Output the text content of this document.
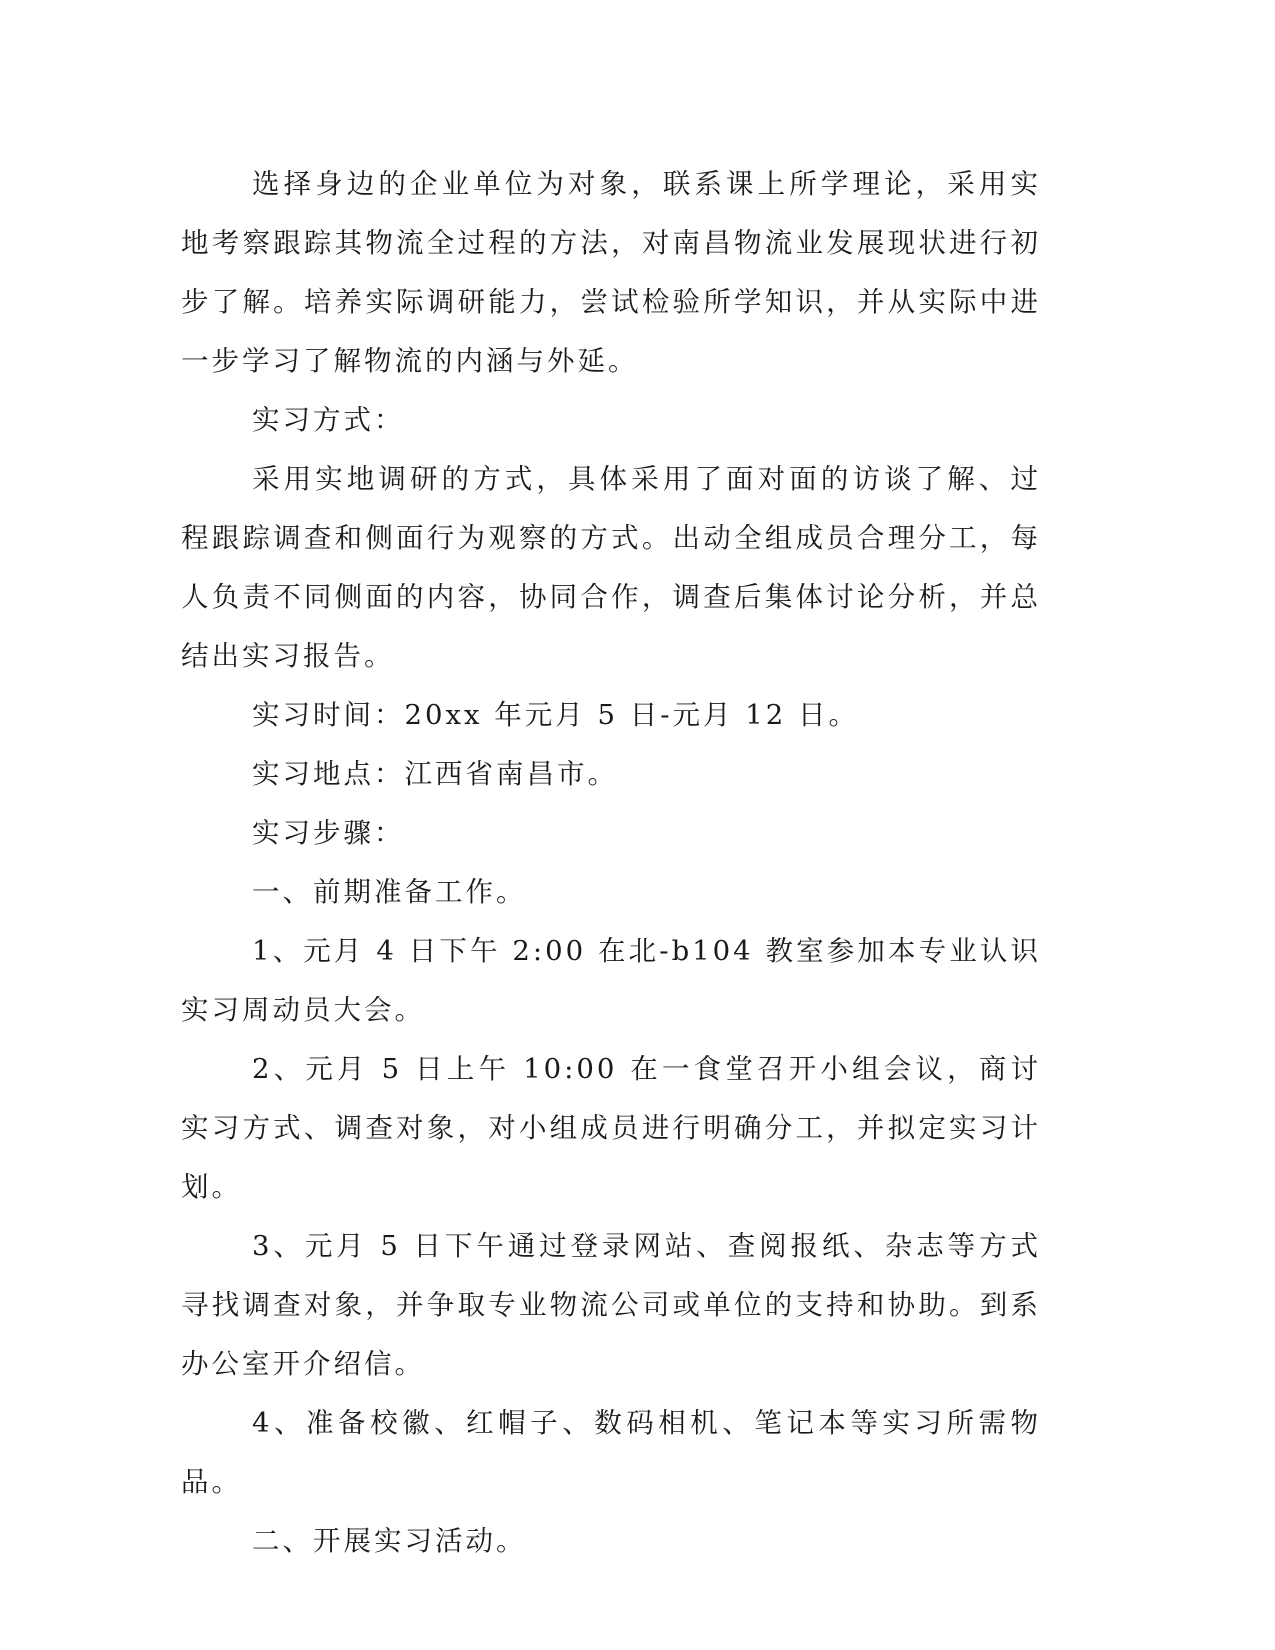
选择身边的企业单位为对象，联系课上所学理论，采用实地考察跟踪其物流全过程的方法，对南昌物流业发展现状进行初步了解。培养实际调研能力，尝试检验所学知识，并从实际中进一步学习了解物流的内涵与外延。

实习方式：

采用实地调研的方式，具体采用了面对面的访谈了解、过程跟踪调查和侧面行为观察的方式。出动全组成员合理分工，每人负责不同侧面的内容，协同合作，调查后集体讨论分析，并总结出实习报告。

实习时间：20xx 年元月 5 日-元月 12 日。

实习地点：江西省南昌市。

实习步骤：

一、前期准备工作。

1、元月 4 日下午 2:00 在北-b104 教室参加本专业认识实习周动员大会。

2、元月 5 日上午 10:00 在一食堂召开小组会议，商讨实习方式、调查对象，对小组成员进行明确分工，并拟定实习计划。

3、元月 5 日下午通过登录网站、查阅报纸、杂志等方式寻找调查对象，并争取专业物流公司或单位的支持和协助。到系办公室开介绍信。

4、准备校徽、红帽子、数码相机、笔记本等实习所需物品。

二、开展实习活动。
